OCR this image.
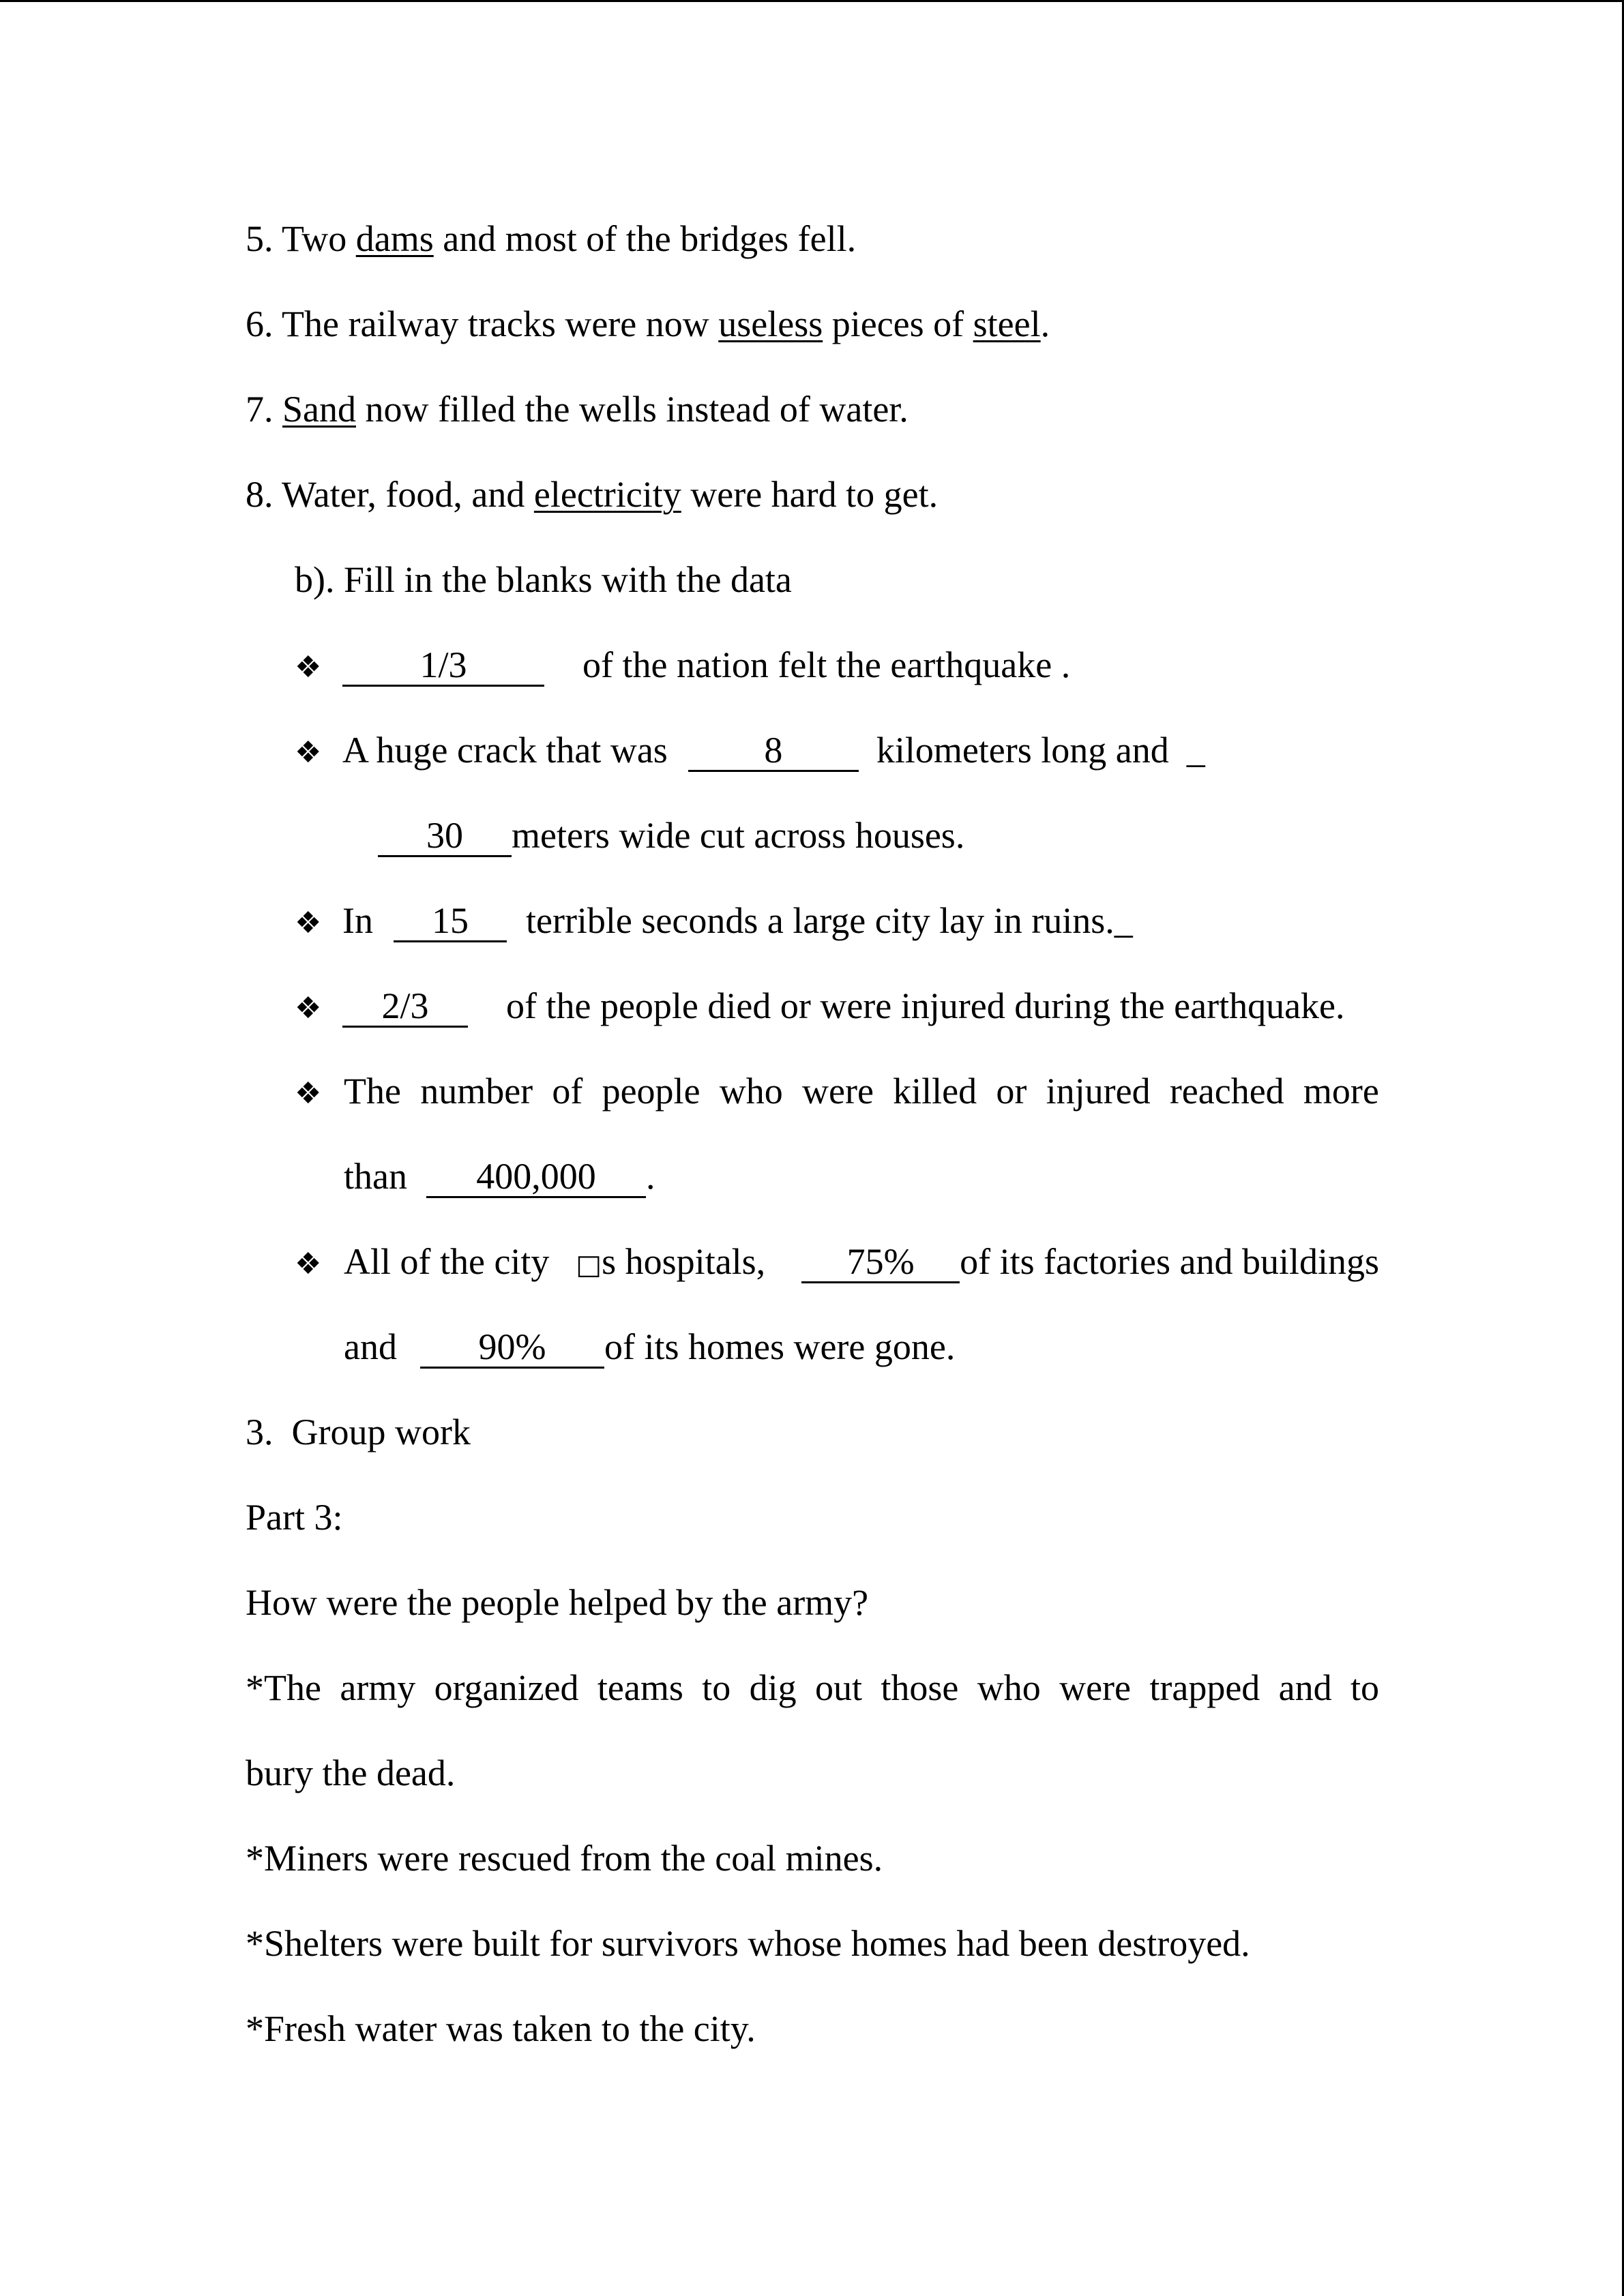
5. Two dams and most of the bridges fell.
6. The railway tracks were now useless pieces of steel.
7. Sand now filled the wells instead of water.
8. Water, food, and electricity were hard to get.
b). Fill in the blanks with the data
❖	1/3	of the nation felt the earthquake .
❖ A huge crack that was	8	kilometers long and _
30 meters wide cut across houses.
❖ In 15 terrible seconds a large city lay in ruins._
❖ 2/3 of the people died or were injured during the earthquake.
❖ The number of people who were killed or injured reached more
than 400,000 .
❖ All of the city □s hospitals,	75% of its factories and buildings
and 90% of its homes were gone.
3.  Group work
Part 3:
How were the people helped by the army?
*The army organized teams to dig out those who were trapped and to
bury the dead.
*Miners were rescued from the coal mines.
*Shelters were built for survivors whose homes had been destroyed.
*Fresh water was taken to the city.
